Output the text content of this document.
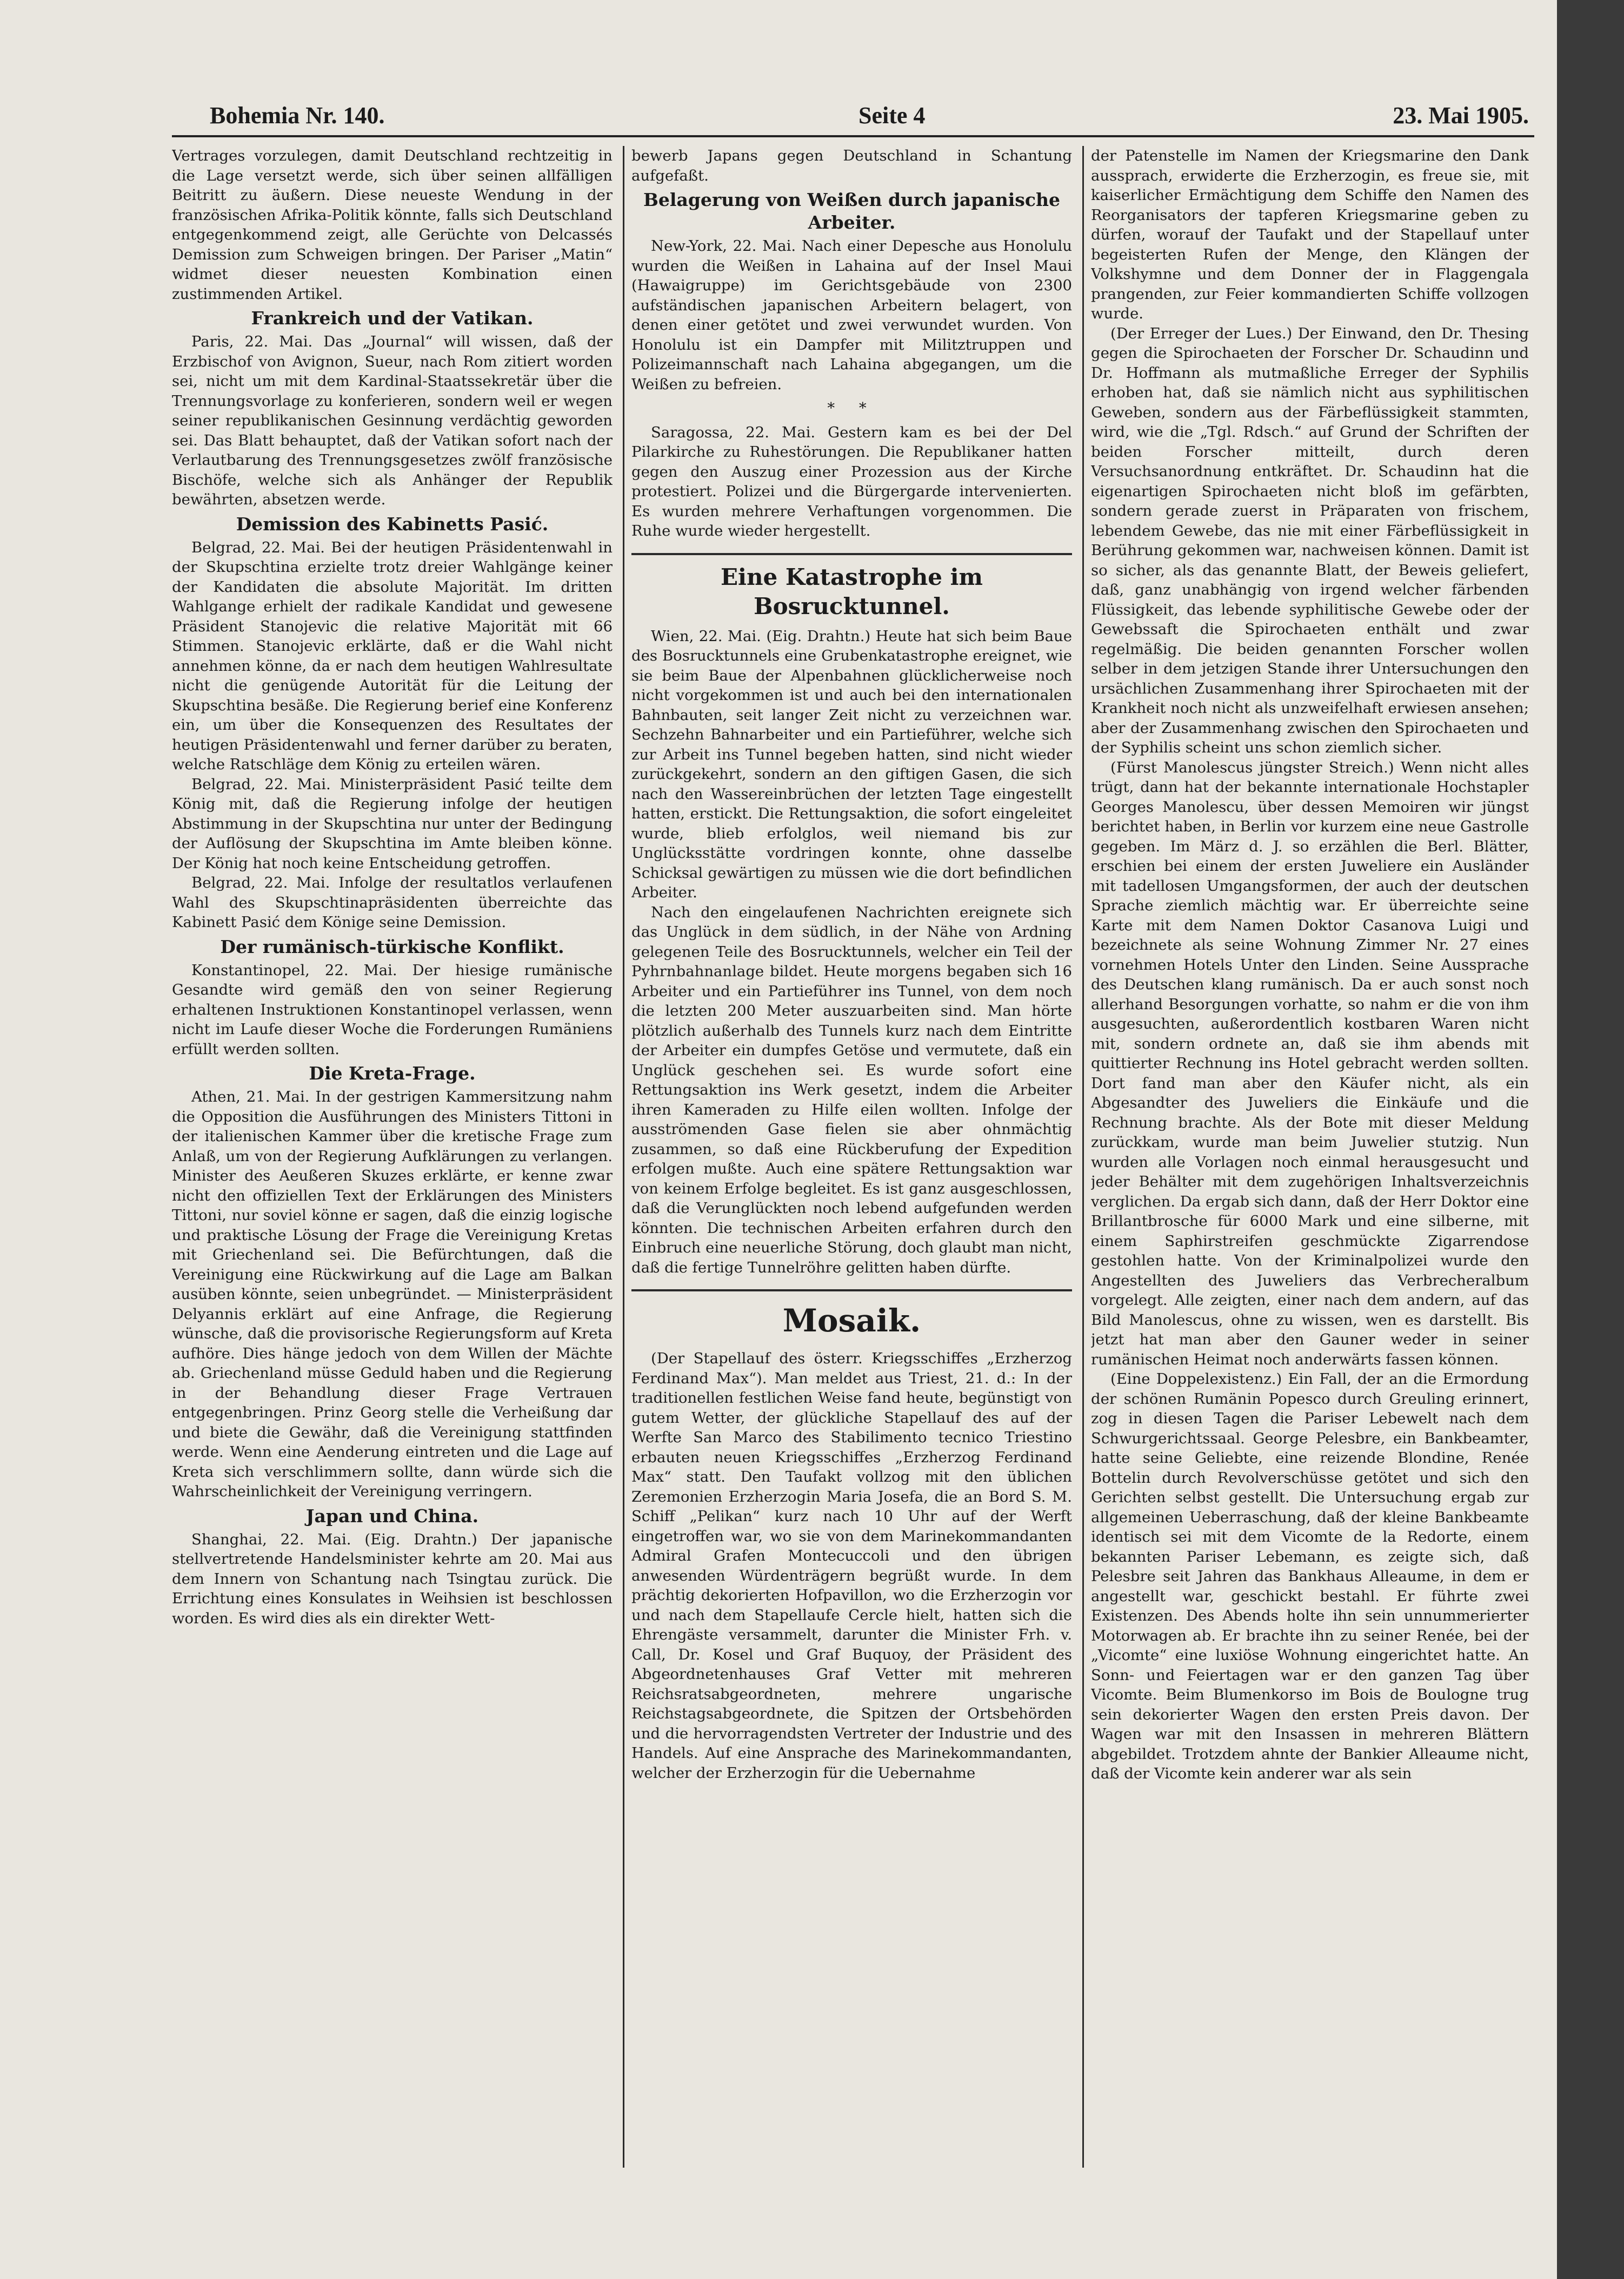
Bohemia Nr. 140.	Seite 4	23. Mai 1905.

Vertrages vorzulegen, damit Deutschland rechtzeitig in die Lage versetzt werde, sich über seinen allfälligen Beitritt zu äußern. Diese neueste Wendung in der französischen Afrika-Politik könnte, falls sich Deutschland entgegenkommend zeigt, alle Gerüchte von Delcassés Demission zum Schweigen bringen. Der Pariser „Matin“ widmet dieser neuesten Kombination einen zustimmenden Artikel.

Frankreich und der Vatikan.

Paris, 22. Mai. Das „Journal“ will wissen, daß der Erzbischof von Avignon, Sueur, nach Rom zitiert worden sei, nicht um mit dem Kardinal-Staatssekretär über die Trennungsvorlage zu konferieren, sondern weil er wegen seiner republikanischen Gesinnung verdächtig geworden sei. Das Blatt behauptet, daß der Vatikan sofort nach der Verlautbarung des Trennungsgesetzes zwölf französische Bischöfe, welche sich als Anhänger der Republik bewährten, absetzen werde.

Demission des Kabinetts Pasić.

Belgrad, 22. Mai. Bei der heutigen Präsidentenwahl in der Skupschtina erzielte trotz dreier Wahlgänge keiner der Kandidaten die absolute Majorität. Im dritten Wahlgange erhielt der radikale Kandidat und gewesene Präsident Stanojevic die relative Majorität mit 66 Stimmen. Stanojevic erklärte, daß er die Wahl nicht annehmen könne, da er nach dem heutigen Wahlresultate nicht die genügende Autorität für die Leitung der Skupschtina besäße. Die Regierung berief eine Konferenz ein, um über die Konsequenzen des Resultates der heutigen Präsidentenwahl und ferner darüber zu beraten, welche Ratschläge dem König zu erteilen wären.

Belgrad, 22. Mai. Ministerpräsident Pasić teilte dem König mit, daß die Regierung infolge der heutigen Abstimmung in der Skupschtina nur unter der Bedingung der Auflösung der Skupschtina im Amte bleiben könne. Der König hat noch keine Entscheidung getroffen.

Belgrad, 22. Mai. Infolge der resultatlos verlaufenen Wahl des Skupschtinapräsidenten überreichte das Kabinett Pasić dem Könige seine Demission.

Der rumänisch-türkische Konflikt.

Konstantinopel, 22. Mai. Der hiesige rumänische Gesandte wird gemäß den von seiner Regierung erhaltenen Instruktionen Konstantinopel verlassen, wenn nicht im Laufe dieser Woche die Forderungen Rumäniens erfüllt werden sollten.

Die Kreta-Frage.

Athen, 21. Mai. In der gestrigen Kammersitzung nahm die Opposition die Ausführungen des Ministers Tittoni in der italienischen Kammer über die kretische Frage zum Anlaß, um von der Regierung Aufklärungen zu verlangen. Minister des Aeußeren Skuzes erklärte, er kenne zwar nicht den offiziellen Text der Erklärungen des Ministers Tittoni, nur soviel könne er sagen, daß die einzig logische und praktische Lösung der Frage die Vereinigung Kretas mit Griechenland sei. Die Befürchtungen, daß die Vereinigung eine Rückwirkung auf die Lage am Balkan ausüben könnte, seien unbegründet. — Ministerpräsident Delyannis erklärt auf eine Anfrage, die Regierung wünsche, daß die provisorische Regierungsform auf Kreta aufhöre. Dies hänge jedoch von dem Willen der Mächte ab. Griechenland müsse Geduld haben und die Regierung in der Behandlung dieser Frage Vertrauen entgegenbringen. Prinz Georg stelle die Verheißung dar und biete die Gewähr, daß die Vereinigung stattfinden werde. Wenn eine Aenderung eintreten und die Lage auf Kreta sich verschlimmern sollte, dann würde sich die Wahrscheinlichkeit der Vereinigung verringern.

Japan und China.

Shanghai, 22. Mai. (Eig. Drahtn.) Der japanische stellvertretende Handelsminister kehrte am 20. Mai aus dem Innern von Schantung nach Tsingtau zurück. Die Errichtung eines Konsulates in Weihsien ist beschlossen worden. Es wird dies als ein direkter Wett-

bewerb Japans gegen Deutschland in Schantung aufgefaßt.

Belagerung von Weißen durch japanische Arbeiter.

New-York, 22. Mai. Nach einer Depesche aus Honolulu wurden die Weißen in Lahaina auf der Insel Maui (Hawaigruppe) im Gerichtsgebäude von 2300 aufständischen japanischen Arbeitern belagert, von denen einer getötet und zwei verwundet wurden. Von Honolulu ist ein Dampfer mit Militztruppen und Polizeimannschaft nach Lahaina abgegangen, um die Weißen zu befreien.

* *

Saragossa, 22. Mai. Gestern kam es bei der Del Pilarkirche zu Ruhestörungen. Die Republikaner hatten gegen den Auszug einer Prozession aus der Kirche protestiert. Polizei und die Bürgergarde intervenierten. Es wurden mehrere Verhaftungen vorgenommen. Die Ruhe wurde wieder hergestellt.

Eine Katastrophe im Bosrucktunnel.

Wien, 22. Mai. (Eig. Drahtn.) Heute hat sich beim Baue des Bosrucktunnels eine Grubenkatastrophe ereignet, wie sie beim Baue der Alpenbahnen glücklicherweise noch nicht vorgekommen ist und auch bei den internationalen Bahnbauten, seit langer Zeit nicht zu verzeichnen war. Sechzehn Bahnarbeiter und ein Partieführer, welche sich zur Arbeit ins Tunnel begeben hatten, sind nicht wieder zurückgekehrt, sondern an den giftigen Gasen, die sich nach den Wassereinbrüchen der letzten Tage eingestellt hatten, erstickt. Die Rettungsaktion, die sofort eingeleitet wurde, blieb erfolglos, weil niemand bis zur Unglücksstätte vordringen konnte, ohne dasselbe Schicksal gewärtigen zu müssen wie die dort befindlichen Arbeiter.

Nach den eingelaufenen Nachrichten ereignete sich das Unglück in dem südlich, in der Nähe von Ardning gelegenen Teile des Bosrucktunnels, welcher ein Teil der Pyhrnbahnanlage bildet. Heute morgens begaben sich 16 Arbeiter und ein Partieführer ins Tunnel, von dem noch die letzten 200 Meter auszuarbeiten sind. Man hörte plötzlich außerhalb des Tunnels kurz nach dem Eintritte der Arbeiter ein dumpfes Getöse und vermutete, daß ein Unglück geschehen sei. Es wurde sofort eine Rettungsaktion ins Werk gesetzt, indem die Arbeiter ihren Kameraden zu Hilfe eilen wollten. Infolge der ausströmenden Gase fielen sie aber ohnmächtig zusammen, so daß eine Rückberufung der Expedition erfolgen mußte. Auch eine spätere Rettungsaktion war von keinem Erfolge begleitet. Es ist ganz ausgeschlossen, daß die Verunglückten noch lebend aufgefunden werden könnten. Die technischen Arbeiten erfahren durch den Einbruch eine neuerliche Störung, doch glaubt man nicht, daß die fertige Tunnelröhre gelitten haben dürfte.

Mosaik.

(Der Stapellauf des österr. Kriegsschiffes „Erzherzog Ferdinand Max“). Man meldet aus Triest, 21. d.: In der traditionellen festlichen Weise fand heute, begünstigt von gutem Wetter, der glückliche Stapellauf des auf der Werfte San Marco des Stabilimento tecnico Triestino erbauten neuen Kriegsschiffes „Erzherzog Ferdinand Max“ statt. Den Taufakt vollzog mit den üblichen Zeremonien Erzherzogin Maria Josefa, die an Bord S. M. Schiff „Pelikan“ kurz nach 10 Uhr auf der Werft eingetroffen war, wo sie von dem Marinekommandanten Admiral Grafen Montecuccoli und den übrigen anwesenden Würdenträgern begrüßt wurde. In dem prächtig dekorierten Hofpavillon, wo die Erzherzogin vor und nach dem Stapellaufe Cercle hielt, hatten sich die Ehrengäste versammelt, darunter die Minister Frh. v. Call, Dr. Kosel und Graf Buquoy, der Präsident des Abgeordnetenhauses Graf Vetter mit mehreren Reichsratsabgeordneten, mehrere ungarische Reichstagsabgeordnete, die Spitzen der Ortsbehörden und die hervorragendsten Vertreter der Industrie und des Handels. Auf eine Ansprache des Marinekommandanten, welcher der Erzherzogin für die Uebernahme

der Patenstelle im Namen der Kriegsmarine den Dank aussprach, erwiderte die Erzherzogin, es freue sie, mit kaiserlicher Ermächtigung dem Schiffe den Namen des Reorganisators der tapferen Kriegsmarine geben zu dürfen, worauf der Taufakt und der Stapellauf unter begeisterten Rufen der Menge, den Klängen der Volkshymne und dem Donner der in Flaggengala prangenden, zur Feier kommandierten Schiffe vollzogen wurde.

(Der Erreger der Lues.) Der Einwand, den Dr. Thesing gegen die Spirochaeten der Forscher Dr. Schaudinn und Dr. Hoffmann als mutmaßliche Erreger der Syphilis erhoben hat, daß sie nämlich nicht aus syphilitischen Geweben, sondern aus der Färbeflüssigkeit stammten, wird, wie die „Tgl. Rdsch.“ auf Grund der Schriften der beiden Forscher mitteilt, durch deren Versuchsanordnung entkräftet. Dr. Schaudinn hat die eigenartigen Spirochaeten nicht bloß im gefärbten, sondern gerade zuerst in Präparaten von frischem, lebendem Gewebe, das nie mit einer Färbeflüssigkeit in Berührung gekommen war, nachweisen können. Damit ist so sicher, als das genannte Blatt, der Beweis geliefert, daß, ganz unabhängig von irgend welcher färbenden Flüssigkeit, das lebende syphilitische Gewebe oder der Gewebssaft die Spirochaeten enthält und zwar regelmäßig. Die beiden genannten Forscher wollen selber in dem jetzigen Stande ihrer Untersuchungen den ursächlichen Zusammenhang ihrer Spirochaeten mit der Krankheit noch nicht als unzweifelhaft erwiesen ansehen; aber der Zusammenhang zwischen den Spirochaeten und der Syphilis scheint uns schon ziemlich sicher.

(Fürst Manolescus jüngster Streich.) Wenn nicht alles trügt, dann hat der bekannte internationale Hochstapler Georges Manolescu, über dessen Memoiren wir jüngst berichtet haben, in Berlin vor kurzem eine neue Gastrolle gegeben. Im März d. J. so erzählen die Berl. Blätter, erschien bei einem der ersten Juweliere ein Ausländer mit tadellosen Umgangsformen, der auch der deutschen Sprache ziemlich mächtig war. Er überreichte seine Karte mit dem Namen Doktor Casanova Luigi und bezeichnete als seine Wohnung Zimmer Nr. 27 eines vornehmen Hotels Unter den Linden. Seine Aussprache des Deutschen klang rumänisch. Da er auch sonst noch allerhand Besorgungen vorhatte, so nahm er die von ihm ausgesuchten, außerordentlich kostbaren Waren nicht mit, sondern ordnete an, daß sie ihm abends mit quittierter Rechnung ins Hotel gebracht werden sollten. Dort fand man aber den Käufer nicht, als ein Abgesandter des Juweliers die Einkäufe und die Rechnung brachte. Als der Bote mit dieser Meldung zurückkam, wurde man beim Juwelier stutzig. Nun wurden alle Vorlagen noch einmal herausgesucht und jeder Behälter mit dem zugehörigen Inhaltsverzeichnis verglichen. Da ergab sich dann, daß der Herr Doktor eine Brillantbrosche für 6000 Mark und eine silberne, mit einem Saphirstreifen geschmückte Zigarrendose gestohlen hatte. Von der Kriminalpolizei wurde den Angestellten des Juweliers das Verbrecheralbum vorgelegt. Alle zeigten, einer nach dem andern, auf das Bild Manolescus, ohne zu wissen, wen es darstellt. Bis jetzt hat man aber den Gauner weder in seiner rumänischen Heimat noch anderwärts fassen können.

(Eine Doppelexistenz.) Ein Fall, der an die Ermordung der schönen Rumänin Popesco durch Greuling erinnert, zog in diesen Tagen die Pariser Lebewelt nach dem Schwurgerichtssaal. George Pelesbre, ein Bankbeamter, hatte seine Geliebte, eine reizende Blondine, Renée Bottelin durch Revolverschüsse getötet und sich den Gerichten selbst gestellt. Die Untersuchung ergab zur allgemeinen Ueberraschung, daß der kleine Bankbeamte identisch sei mit dem Vicomte de la Redorte, einem bekannten Pariser Lebemann, es zeigte sich, daß Pelesbre seit Jahren das Bankhaus Alleaume, in dem er angestellt war, geschickt bestahl. Er führte zwei Existenzen. Des Abends holte ihn sein unnummerierter Motorwagen ab. Er brachte ihn zu seiner Renée, bei der „Vicomte“ eine luxiöse Wohnung eingerichtet hatte. An Sonn- und Feiertagen war er den ganzen Tag über Vicomte. Beim Blumenkorso im Bois de Boulogne trug sein dekorierter Wagen den ersten Preis davon. Der Wagen war mit den Insassen in mehreren Blättern abgebildet. Trotzdem ahnte der Bankier Alleaume nicht, daß der Vicomte kein anderer war als sein
